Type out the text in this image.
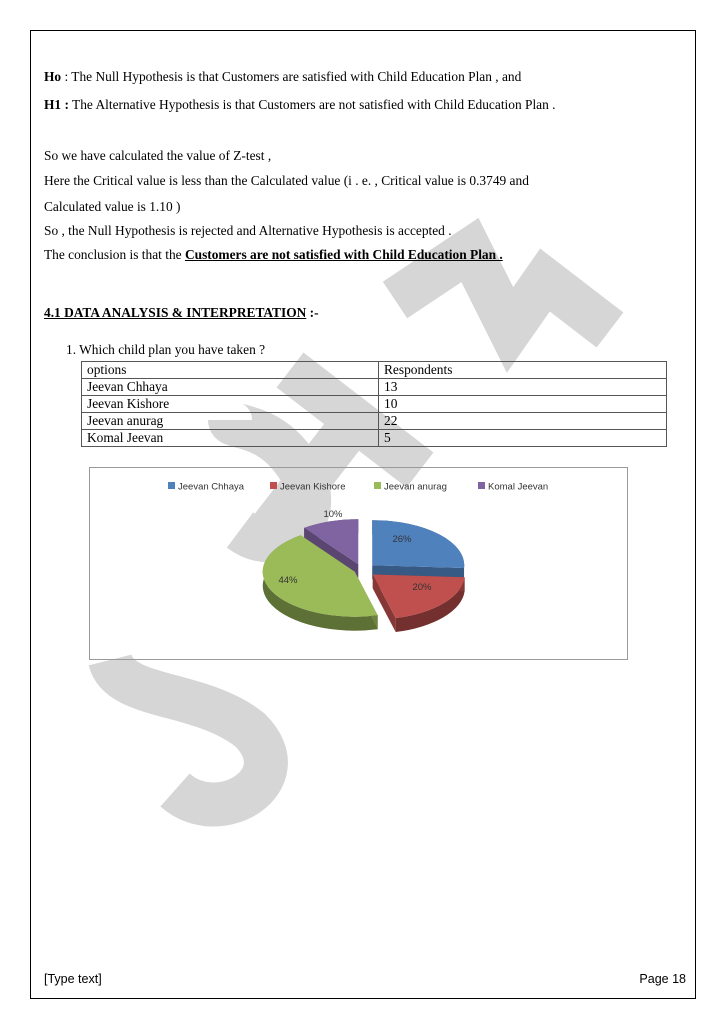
Ho : The Null Hypothesis is that Customers are satisfied with Child Education Plan , and
H1 : The Alternative Hypothesis is that Customers are not satisfied with Child Education Plan .
So we have calculated the value of Z-test ,
Here the Critical value is less than the Calculated value (i . e. , Critical value is 0.3749 and
Calculated value is 1.10 )
So , the Null Hypothesis is rejected and Alternative Hypothesis is accepted .
The conclusion is that the Customers are not satisfied with Child Education Plan .
4.1 DATA ANALYSIS & INTERPRETATION :-
1. Which child plan you have taken ?
options	Respondents
Jeevan Chhaya	13
Jeevan Kishore	10
Jeevan anurag	22
Komal Jeevan	5
Jeevan Chhaya	Jeevan Kishore	Jeevan anurag	Komal Jeevan
26%
20%
44%
10%
[Type text]	Page 18
